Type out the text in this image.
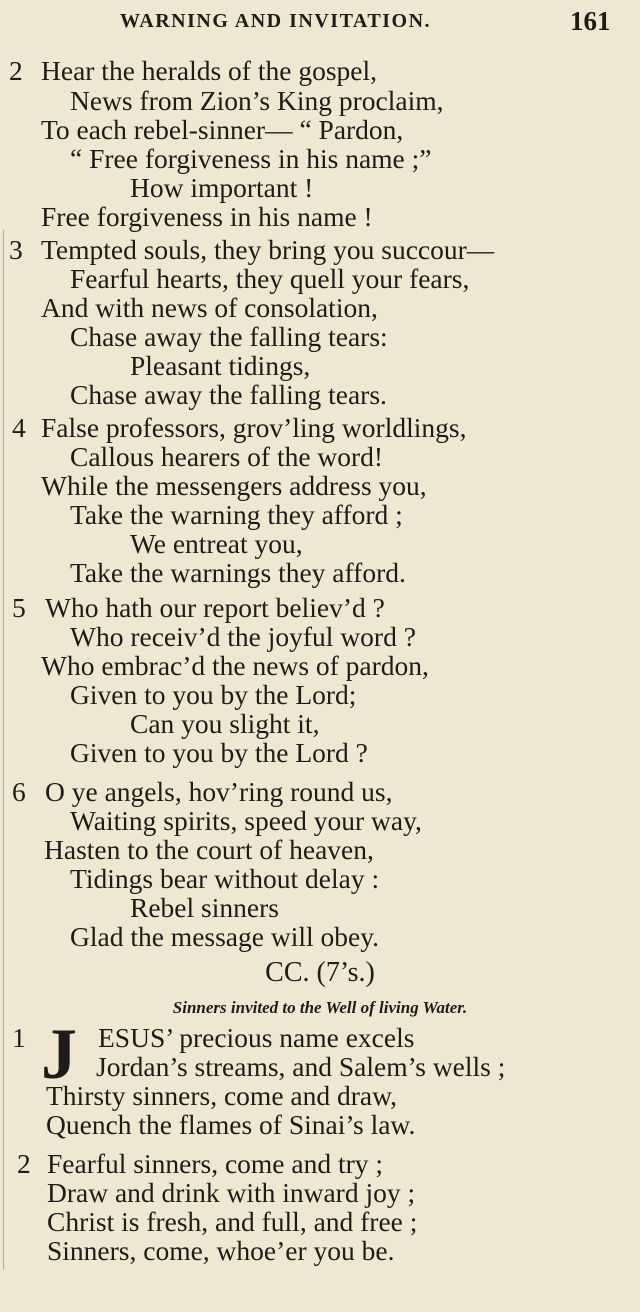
WARNING AND INVITATION.	161
2 Hear the heralds of the gospel,
News from Zion’s King proclaim,
To each rebel-sinner— “ Pardon,
“ Free forgiveness in his name ;”
How important !
Free forgiveness in his name !
3 Tempted souls, they bring you succour—
Fearful hearts, they quell your fears,
And with news of consolation,
Chase away the falling tears:
Pleasant tidings,
Chase away the falling tears.
4 False professors, grov’ling worldlings,
Callous hearers of the word!
While the messengers address you,
Take the warning they afford ;
We entreat you,
Take the warnings they afford.
5 Who hath our report believ’d ?
Who receiv’d the joyful word ?
Who embrac’d the news of pardon,
Given to you by the Lord;
Can you slight it,
Given to you by the Lord ?
6 O ye angels, hov’ring round us,
Waiting spirits, speed your way,
Hasten to the court of heaven,
Tidings bear without delay :
Rebel sinners
Glad the message will obey.
CC. (7’s.)
Sinners invited to the Well of living Water.
1 J ESUS’ precious name excels
Jordan’s streams, and Salem’s wells ;
Thirsty sinners, come and draw,
Quench the flames of Sinai’s law.
2 Fearful sinners, come and try ;
Draw and drink with inward joy ;
Christ is fresh, and full, and free ;
Sinners, come, whoe’er you be.
